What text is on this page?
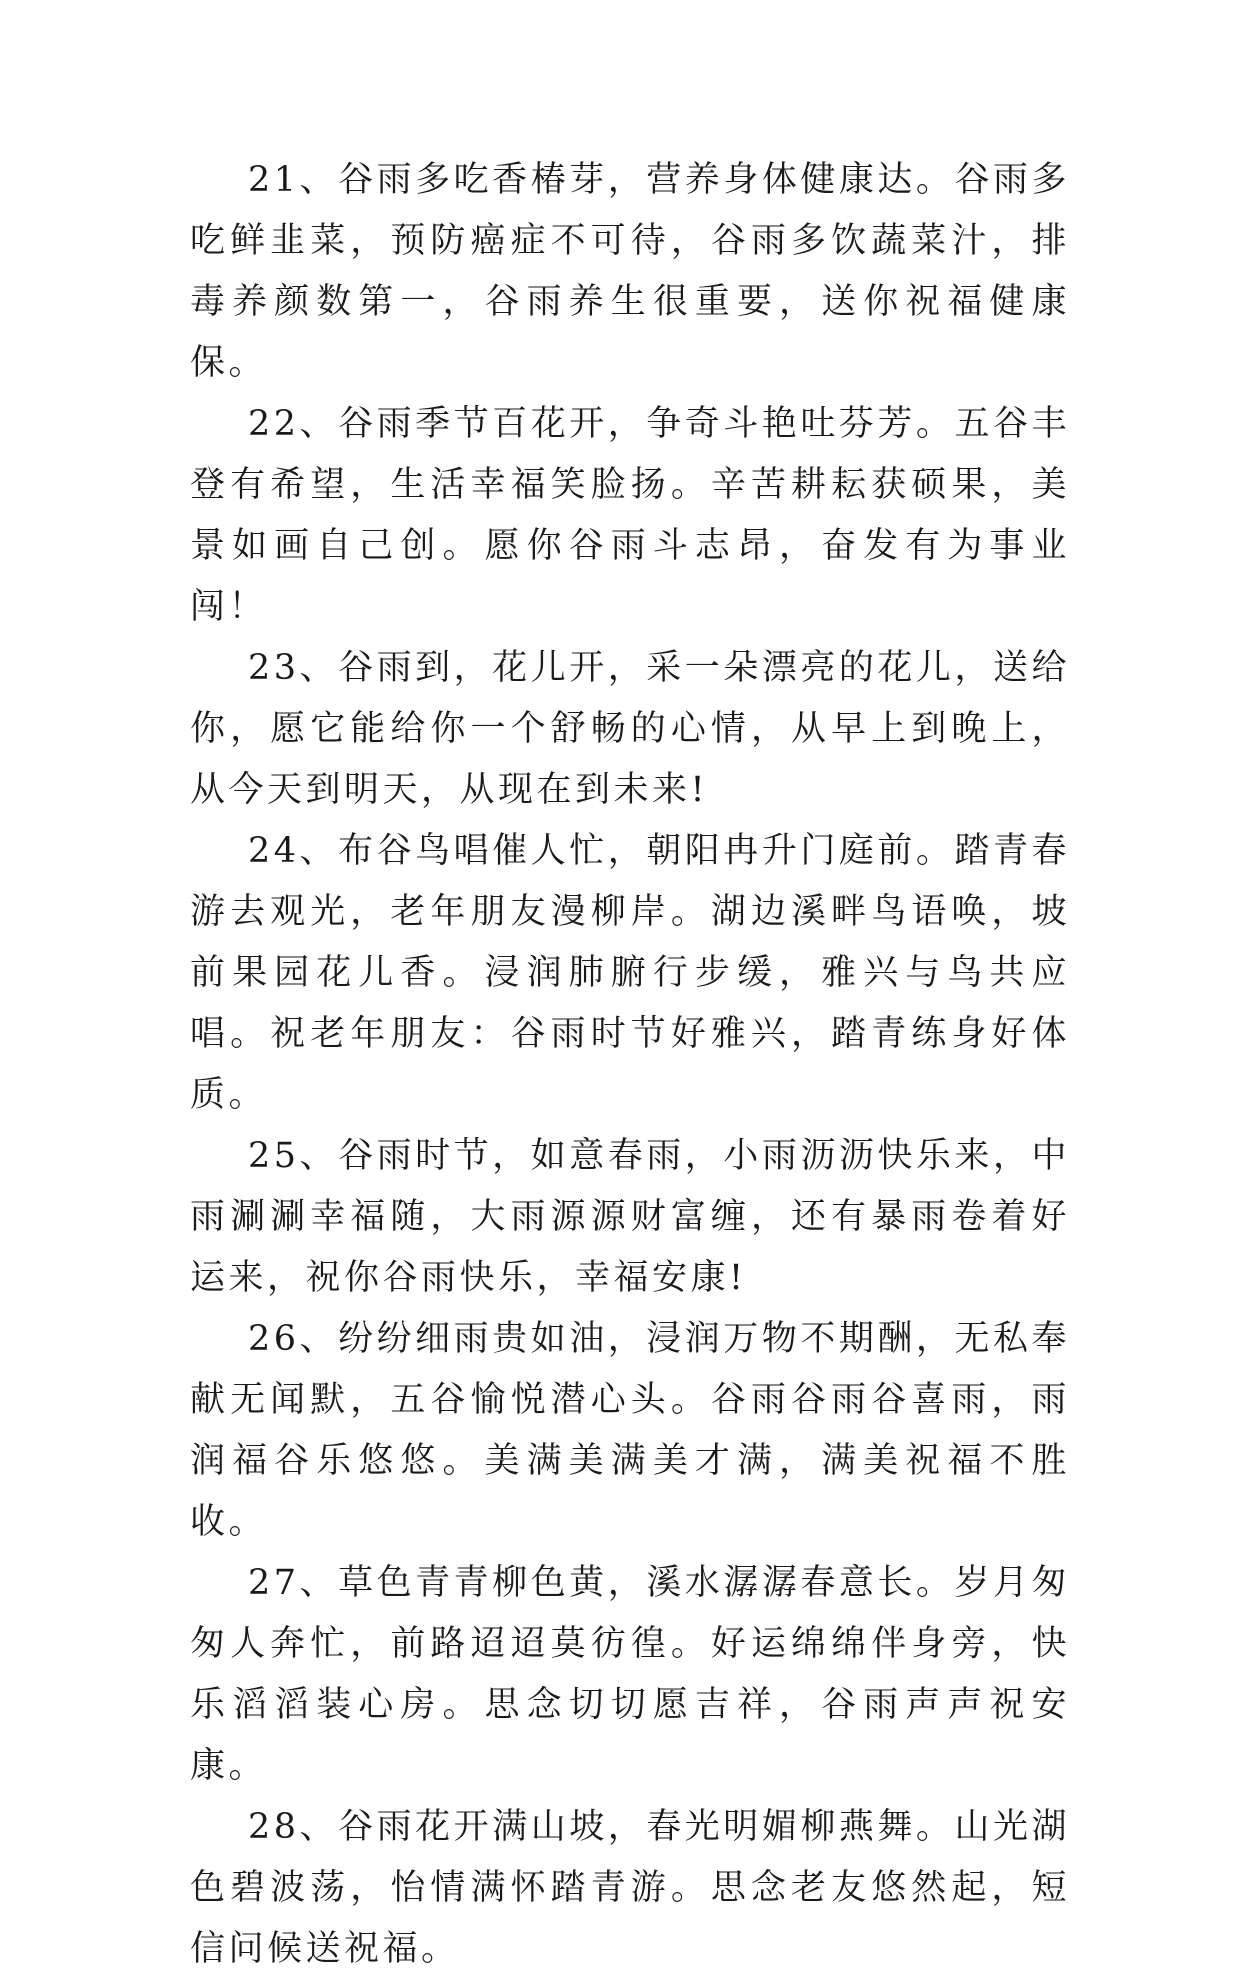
21、谷雨多吃香椿芽，营养身体健康达。谷雨多吃鲜韭菜，预防癌症不可待，谷雨多饮蔬菜汁，排毒养颜数第一，谷雨养生很重要，送你祝福健康保。

22、谷雨季节百花开，争奇斗艳吐芬芳。五谷丰登有希望，生活幸福笑脸扬。辛苦耕耘获硕果，美景如画自己创。愿你谷雨斗志昂，奋发有为事业闯！

23、谷雨到，花儿开，采一朵漂亮的花儿，送给你，愿它能给你一个舒畅的心情，从早上到晚上，从今天到明天，从现在到未来!

24、布谷鸟唱催人忙，朝阳冉升门庭前。踏青春游去观光，老年朋友漫柳岸。湖边溪畔鸟语唤，坡前果园花儿香。浸润肺腑行步缓，雅兴与鸟共应唱。祝老年朋友：谷雨时节好雅兴，踏青练身好体质。

25、谷雨时节，如意春雨，小雨沥沥快乐来，中雨涮涮幸福随，大雨源源财富缠，还有暴雨卷着好运来，祝你谷雨快乐，幸福安康!

26、纷纷细雨贵如油，浸润万物不期酬，无私奉献无闻默，五谷愉悦潜心头。谷雨谷雨谷喜雨，雨润福谷乐悠悠。美满美满美才满，满美祝福不胜收。

27、草色青青柳色黄，溪水潺潺春意长。岁月匆匆人奔忙，前路迢迢莫彷徨。好运绵绵伴身旁，快乐滔滔装心房。思念切切愿吉祥，谷雨声声祝安康。

28、谷雨花开满山坡，春光明媚柳燕舞。山光湖色碧波荡，怡情满怀踏青游。思念老友悠然起，短信问候送祝福。
